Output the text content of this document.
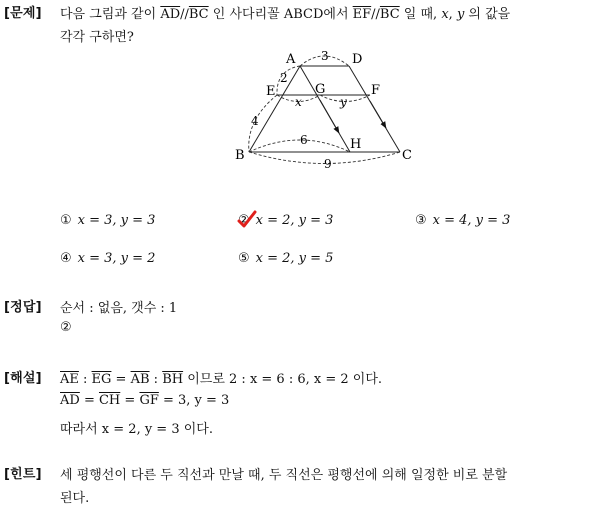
[문제] 다음 그림과 같이 $\overline{AD}//\overline{BC}$ 인 사다리꼴 ABCD에서 $\overline{EF}//\overline{BC}$ 일 때, x, y 의 값을
각각 구하면?
A	D
E	G	F
B
H
C
3
2
4
x	y
6
9
① x = 3, y = 3	② x = 2, y = 3	③ x = 4, y = 3
④ x = 3, y = 2	⑤ x = 2, y = 5
[정답] 순서 : 없음, 갯수 : 1
②
[해설] $\overline{AE}$ : $\overline{EG} = \overline{AB}$ : $\overline{BH}$ 이므로 2 : x = 6 : 6, x = 2 이다.
$\overline{AD} = \overline{CH} = \overline{GF} = 3$, y = 3
따라서 x = 2, y = 3 이다.
[힌트] 세 평행선이 다른 두 직선과 만날 때, 두 직선은 평행선에 의해 일정한 비로 분할
된다.
